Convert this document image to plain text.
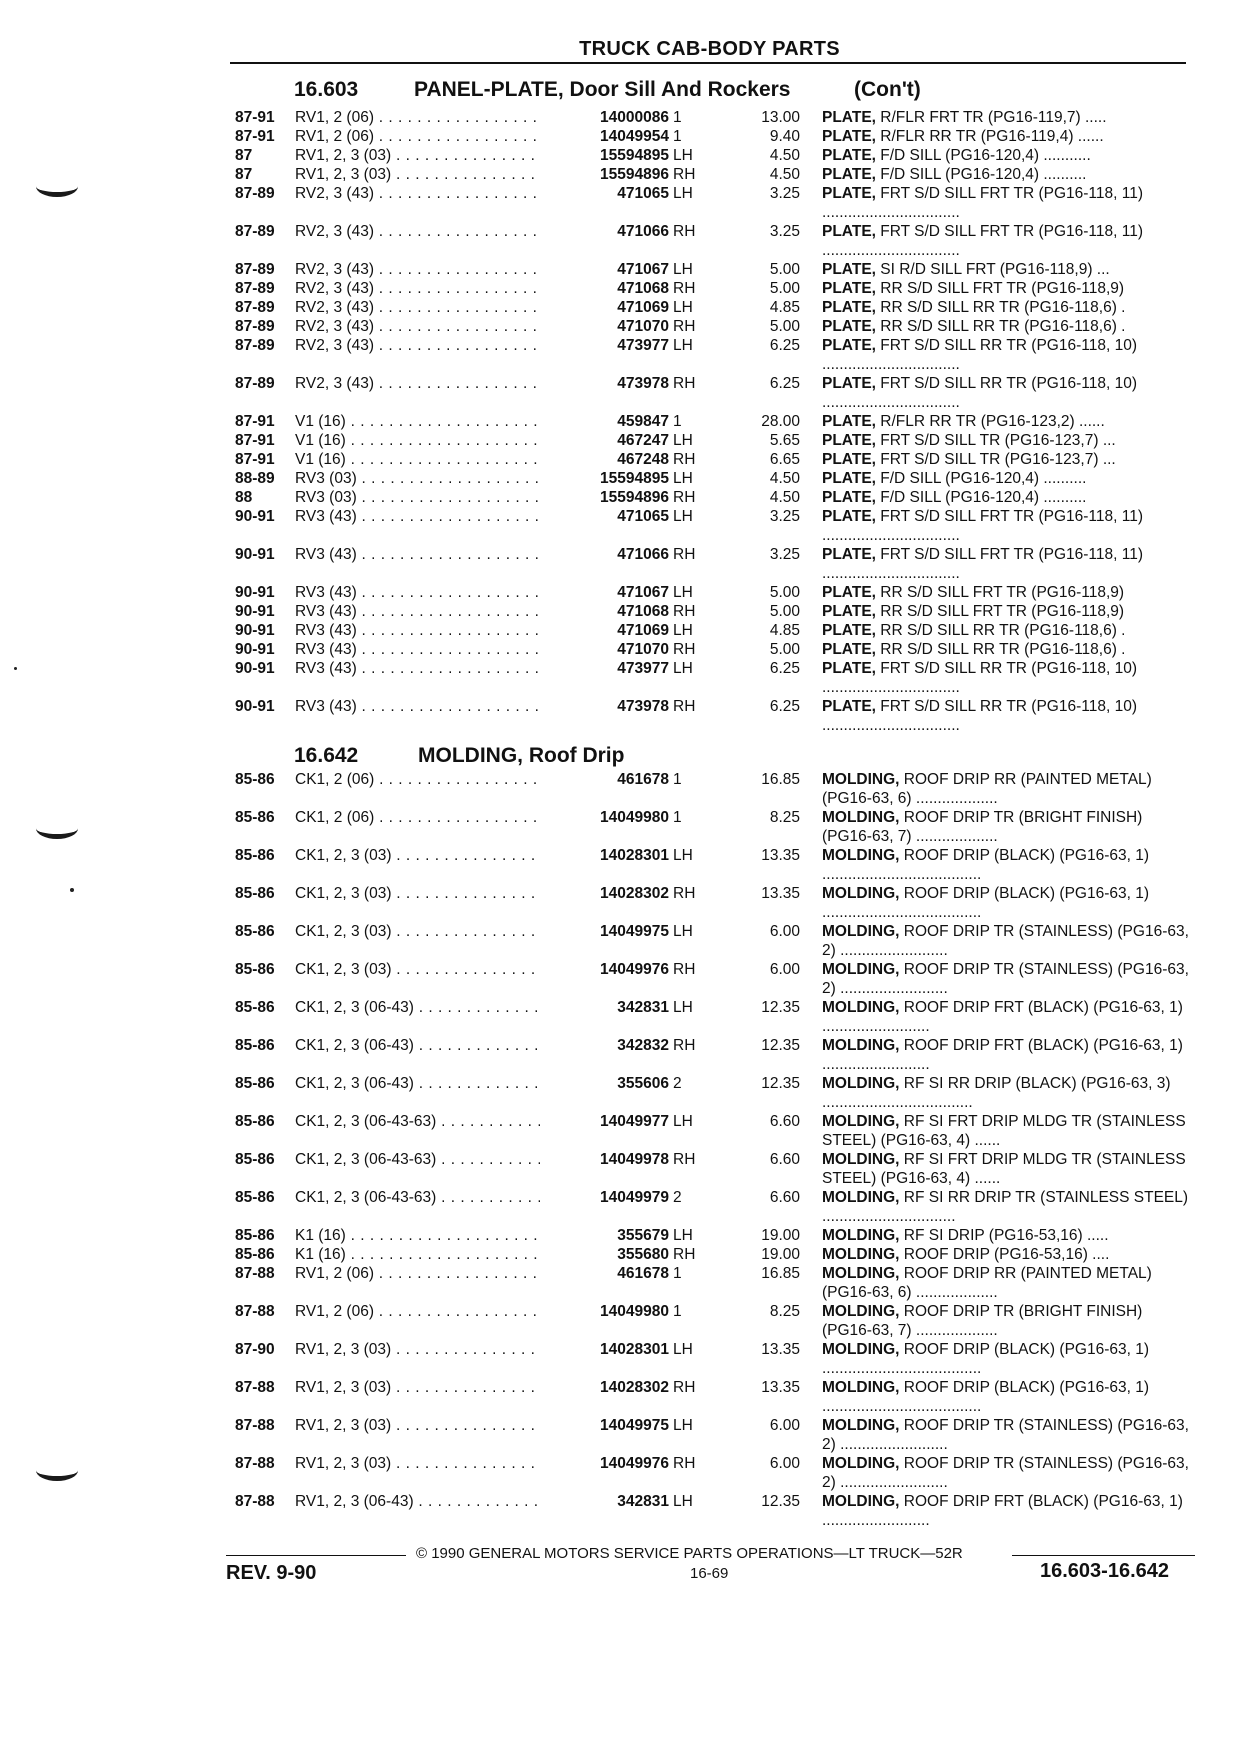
TRUCK CAB-BODY PARTS
16.603	PANEL-PLATE, Door Sill And Rockers	(Con't)
87-91 RV1, 2 (06) . . .	14000086 1	13.00 PLATE, R/FLR FRT TR (PG16-119,7) .....
87-91 RV1, 2 (06) . . .	14049954 1	9.40 PLATE, R/FLR RR TR (PG16-119,4) ......
87	RV1, 2, 3 (03) . . .	15594895 LH	4.50 PLATE, F/D SILL (PG16-120,4) ...........
87	RV1, 2, 3 (03) . . .	15594896 RH	4.50 PLATE, F/D SILL (PG16-120,4) ..........
87-89 RV2, 3 (43) . . .	471065 LH	3.25 PLATE, FRT S/D SILL FRT TR (PG16-118, 11) ................................
87-89 RV2, 3 (43) . . .	471066 RH	3.25 PLATE, FRT S/D SILL FRT TR (PG16-118, 11) ................................
87-89 RV2, 3 (43) . . .	471067 LH	5.00 PLATE, SI R/D SILL FRT (PG16-118,9) ...
87-89 RV2, 3 (43) . . .	471068 RH	5.00 PLATE, RR S/D SILL FRT TR (PG16-118,9)
87-89 RV2, 3 (43) . . .	471069 LH	4.85 PLATE, RR S/D SILL RR TR (PG16-118,6) .
87-89 RV2, 3 (43) . . .	471070 RH	5.00 PLATE, RR S/D SILL RR TR (PG16-118,6) .
87-89 RV2, 3 (43) . . .	473977 LH	6.25 PLATE, FRT S/D SILL RR TR (PG16-118, 10) ................................
87-89 RV2, 3 (43) . . .	473978 RH	6.25 PLATE, FRT S/D SILL RR TR (PG16-118, 10) ................................
87-91 V1 (16) . . .	459847 1	28.00 PLATE, R/FLR RR TR (PG16-123,2) ......
87-91 V1 (16) . . .	467247 LH	5.65 PLATE, FRT S/D SILL TR (PG16-123,7) ...
87-91 V1 (16) . . .	467248 RH	6.65 PLATE, FRT S/D SILL TR (PG16-123,7) ...
88-89 RV3 (03) . . .	15594895 LH	4.50 PLATE, F/D SILL (PG16-120,4) ..........
88	RV3 (03) . . .	15594896 RH	4.50 PLATE, F/D SILL (PG16-120,4) ..........
90-91 RV3 (43) . . .	471065 LH	3.25 PLATE, FRT S/D SILL FRT TR (PG16-118, 11) ................................
90-91 RV3 (43) . . .	471066 RH	3.25 PLATE, FRT S/D SILL FRT TR (PG16-118, 11) ................................
90-91 RV3 (43) . . .	471067 LH	5.00 PLATE, RR S/D SILL FRT TR (PG16-118,9)
90-91 RV3 (43) . . .	471068 RH	5.00 PLATE, RR S/D SILL FRT TR (PG16-118,9)
90-91 RV3 (43) . . .	471069 LH	4.85 PLATE, RR S/D SILL RR TR (PG16-118,6) .
90-91 RV3 (43) . . .	471070 RH	5.00 PLATE, RR S/D SILL RR TR (PG16-118,6) .
90-91 RV3 (43) . . .	473977 LH	6.25 PLATE, FRT S/D SILL RR TR (PG16-118, 10) ................................
90-91 RV3 (43) . . .	473978 RH	6.25 PLATE, FRT S/D SILL RR TR (PG16-118, 10) ................................
16.642	MOLDING, Roof Drip
85-86 CK1, 2 (06) . . .	461678 1	16.85 MOLDING, ROOF DRIP RR (PAINTED METAL) (PG16-63, 6) ...................
85-86 CK1, 2 (06) . . .	14049980 1	8.25 MOLDING, ROOF DRIP TR (BRIGHT FINISH) (PG16-63, 7) ...................
85-86 CK1, 2, 3 (03) . . .	14028301 LH	13.35 MOLDING, ROOF DRIP (BLACK) (PG16-63, 1) .....................................
85-86 CK1, 2, 3 (03) . . .	14028302 RH	13.35 MOLDING, ROOF DRIP (BLACK) (PG16-63, 1) .....................................
85-86 CK1, 2, 3 (03) . . .	14049975 LH	6.00 MOLDING, ROOF DRIP TR (STAINLESS) (PG16-63, 2) .........................
85-86 CK1, 2, 3 (03) . . .	14049976 RH	6.00 MOLDING, ROOF DRIP TR (STAINLESS) (PG16-63, 2) .........................
85-86 CK1, 2, 3 (06-43) . . .	342831 LH	12.35 MOLDING, ROOF DRIP FRT (BLACK) (PG16-63, 1) .........................
85-86 CK1, 2, 3 (06-43) . . .	342832 RH	12.35 MOLDING, ROOF DRIP FRT (BLACK) (PG16-63, 1) .........................
85-86 CK1, 2, 3 (06-43) . . .	355606 2	12.35 MOLDING, RF SI RR DRIP (BLACK) (PG16-63, 3) ...................................
85-86 CK1, 2, 3 (06-43-63) . . .	14049977 LH	6.60 MOLDING, RF SI FRT DRIP MLDG TR (STAINLESS STEEL) (PG16-63, 4) ......
85-86 CK1, 2, 3 (06-43-63) . . .	14049978 RH	6.60 MOLDING, RF SI FRT DRIP MLDG TR (STAINLESS STEEL) (PG16-63, 4) ......
85-86 CK1, 2, 3 (06-43-63) . . .	14049979 2	6.60 MOLDING, RF SI RR DRIP TR (STAINLESS STEEL) ...............................
85-86 K1 (16) . . .	355679 LH	19.00 MOLDING, RF SI DRIP (PG16-53,16) .....
85-86 K1 (16) . . .	355680 RH	19.00 MOLDING, ROOF DRIP (PG16-53,16) ....
87-88 RV1, 2 (06) . . .	461678 1	16.85 MOLDING, ROOF DRIP RR (PAINTED METAL) (PG16-63, 6) ...................
87-88 RV1, 2 (06) . . .	14049980 1	8.25 MOLDING, ROOF DRIP TR (BRIGHT FINISH) (PG16-63, 7) ...................
87-90 RV1, 2, 3 (03) . . .	14028301 LH	13.35 MOLDING, ROOF DRIP (BLACK) (PG16-63, 1) .....................................
87-88 RV1, 2, 3 (03) . . .	14028302 RH	13.35 MOLDING, ROOF DRIP (BLACK) (PG16-63, 1) .....................................
87-88 RV1, 2, 3 (03) . . .	14049975 LH	6.00 MOLDING, ROOF DRIP TR (STAINLESS) (PG16-63, 2) .........................
87-88 RV1, 2, 3 (03) . . .	14049976 RH	6.00 MOLDING, ROOF DRIP TR (STAINLESS) (PG16-63, 2) .........................
87-88 RV1, 2, 3 (06-43) . . .	342831 LH	12.35 MOLDING, ROOF DRIP FRT (BLACK) (PG16-63, 1) .........................
© 1990 GENERAL MOTORS SERVICE PARTS OPERATIONS—LT TRUCK—52R
REV. 9-90	16-69	16.603-16.642
